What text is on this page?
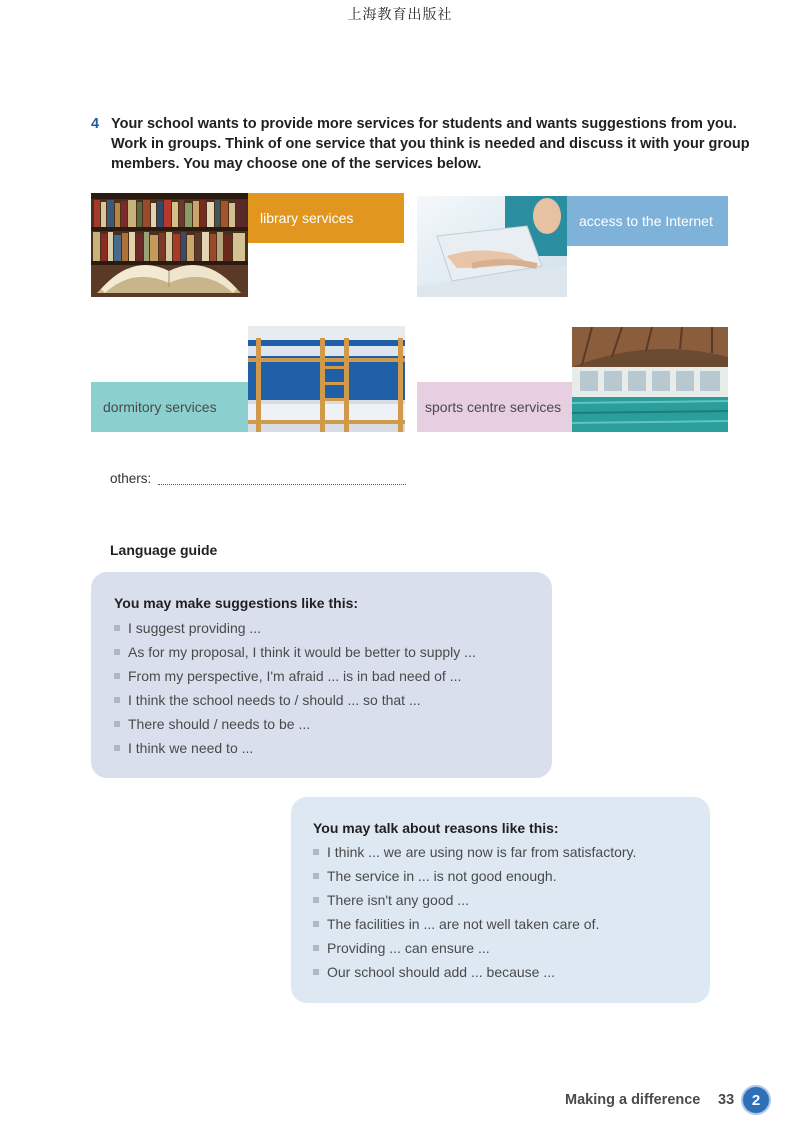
上海教育出版社
4 Your school wants to provide more services for students and wants suggestions from you. Work in groups. Think of one service that you think is needed and discuss it with your group members. You may choose one of the services below.
library services	access to the Internet
dormitory services	sports centre services
others:
Language guide
You may make suggestions like this:
I suggest providing ...
As for my proposal, I think it would be better to supply ...
From my perspective, I'm afraid ... is in bad need of ...
I think the school needs to / should ... so that ...
There should / needs to be ...
I think we need to ...
You may talk about reasons like this:
I think ... we are using now is far from satisfactory.
The service in ... is not good enough.
There isn't any good ...
The facilities in ... are not well taken care of.
Providing ... can ensure ...
Our school should add ... because ...
Making a difference 33	2
